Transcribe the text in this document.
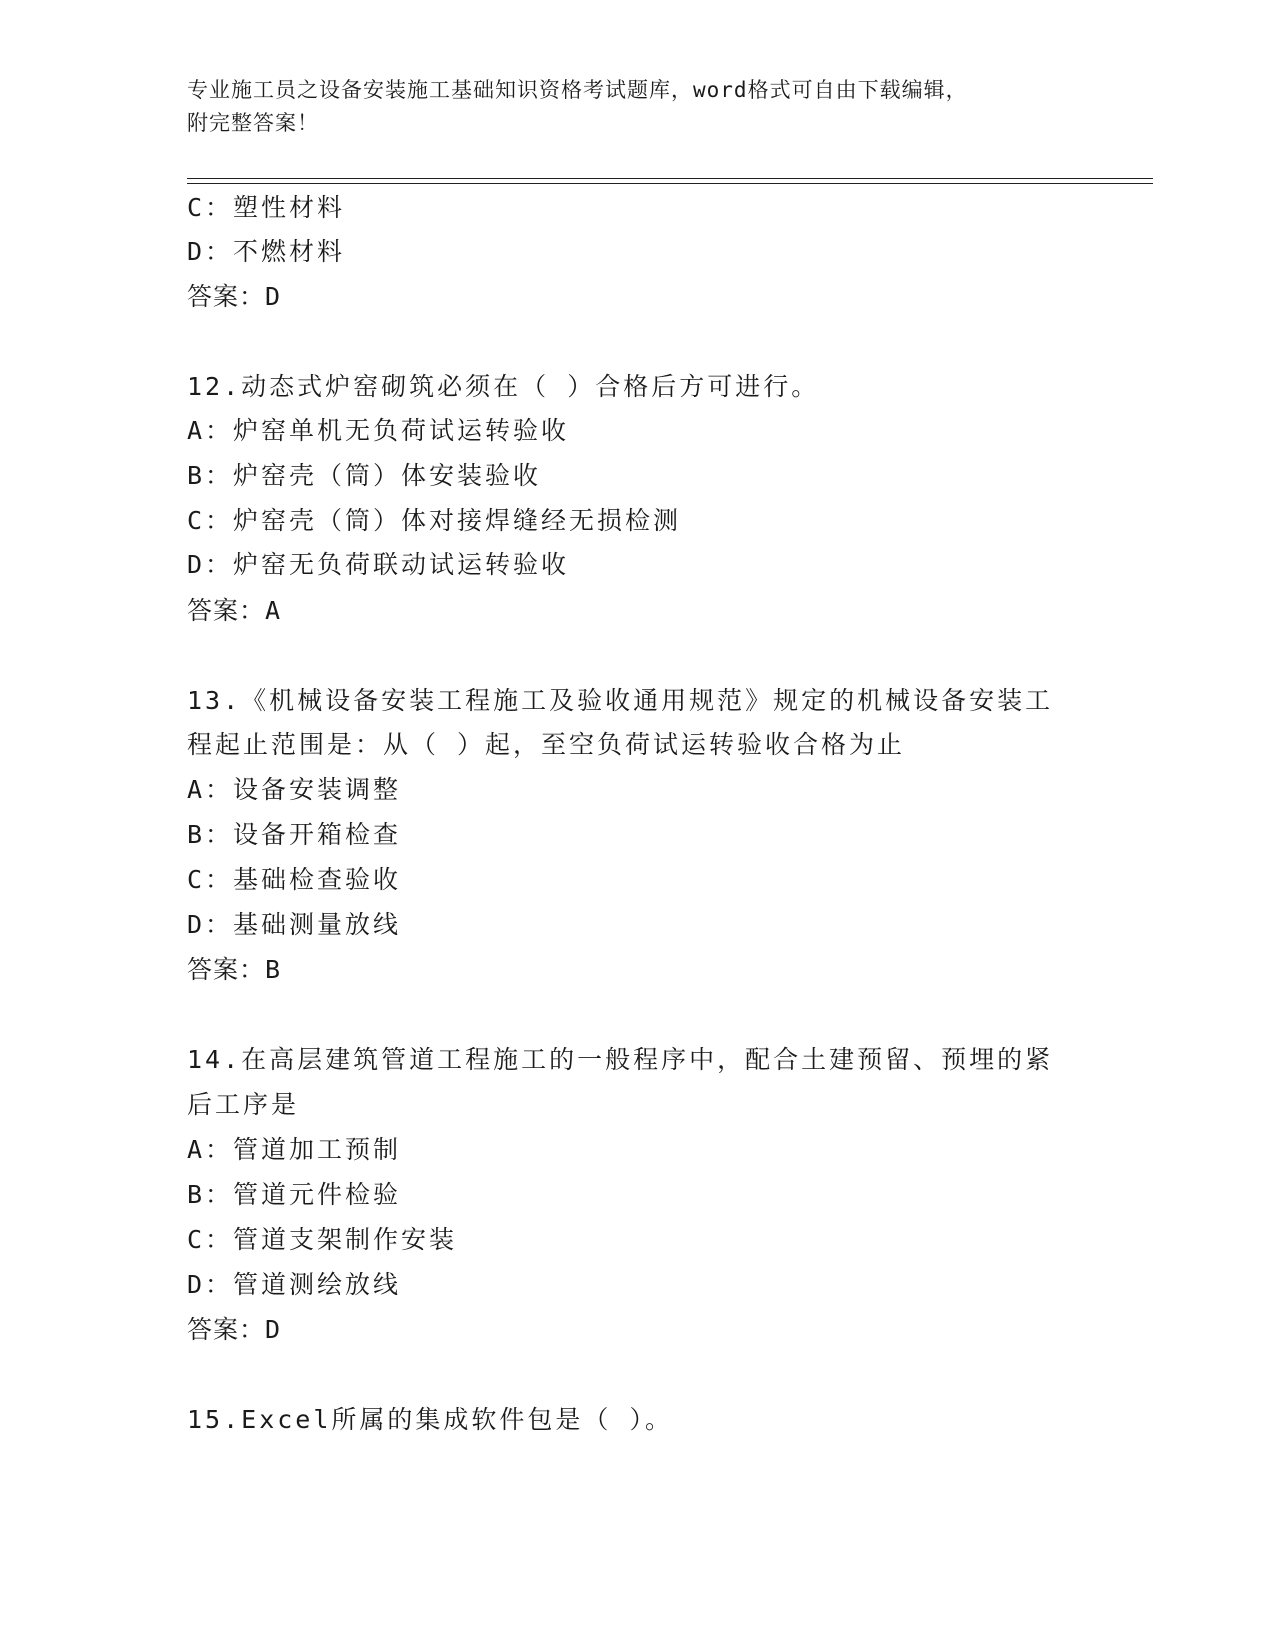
专业施工员之设备安装施工基础知识资格考试题库，word格式可自由下载编辑，
附完整答案！
C：塑性材料
D：不燃材料
答案：D
12.动态式炉窑砌筑必须在（ ）合格后方可进行。
A：炉窑单机无负荷试运转验收
B：炉窑壳（筒）体安装验收
C：炉窑壳（筒）体对接焊缝经无损检测
D：炉窑无负荷联动试运转验收
答案：A
13.《机械设备安装工程施工及验收通用规范》规定的机械设备安装工
程起止范围是：从（ ）起，至空负荷试运转验收合格为止
A：设备安装调整
B：设备开箱检查
C：基础检查验收
D：基础测量放线
答案：B
14.在高层建筑管道工程施工的一般程序中，配合土建预留、预埋的紧
后工序是
A：管道加工预制
B：管道元件检验
C：管道支架制作安装
D：管道测绘放线
答案：D
15.Excel所属的集成软件包是（ ）。
